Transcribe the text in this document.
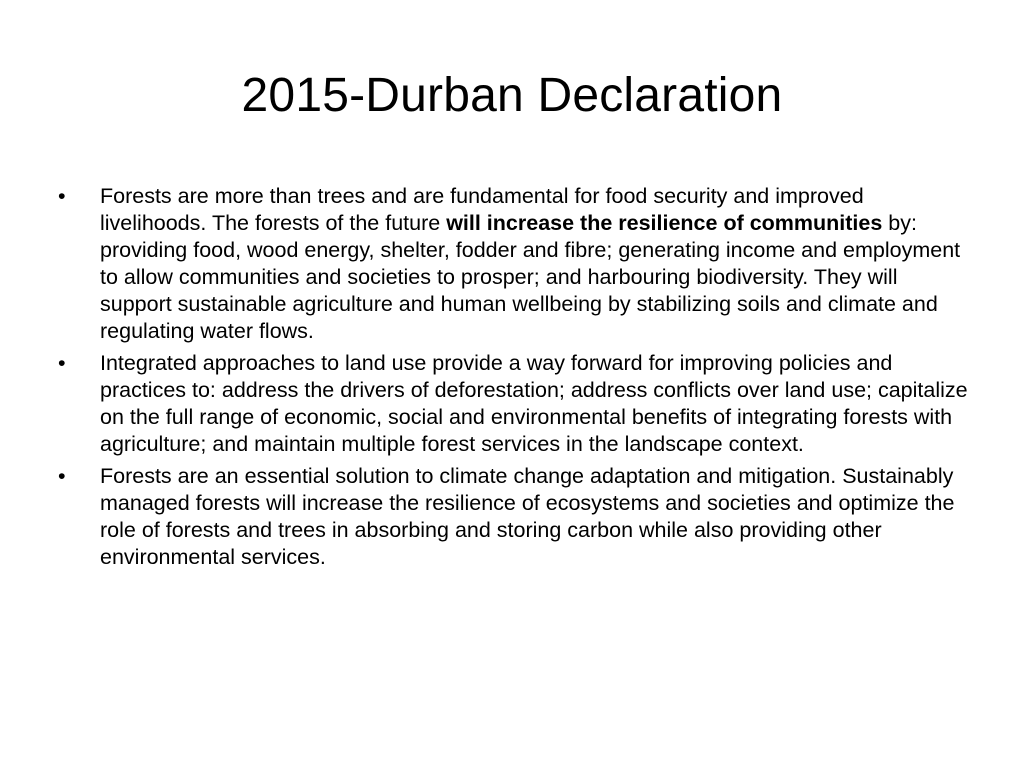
2015-Durban Declaration
•	Forests are more than trees and are fundamental for food security and improved livelihoods. The forests of the future will increase the resilience of communities by: providing food, wood energy, shelter, fodder and fibre; generating income and employment to allow communities and societies to prosper; and harbouring biodiversity. They will support sustainable agriculture and human wellbeing by stabilizing soils and climate and regulating water flows.
•	Integrated approaches to land use provide a way forward for improving policies and practices to: address the drivers of deforestation; address conflicts over land use; capitalize on the full range of economic, social and environmental benefits of integrating forests with agriculture; and maintain multiple forest services in the landscape context.
•	Forests are an essential solution to climate change adaptation and mitigation. Sustainably managed forests will increase the resilience of ecosystems and societies and optimize the role of forests and trees in absorbing and storing carbon while also providing other environmental services.
